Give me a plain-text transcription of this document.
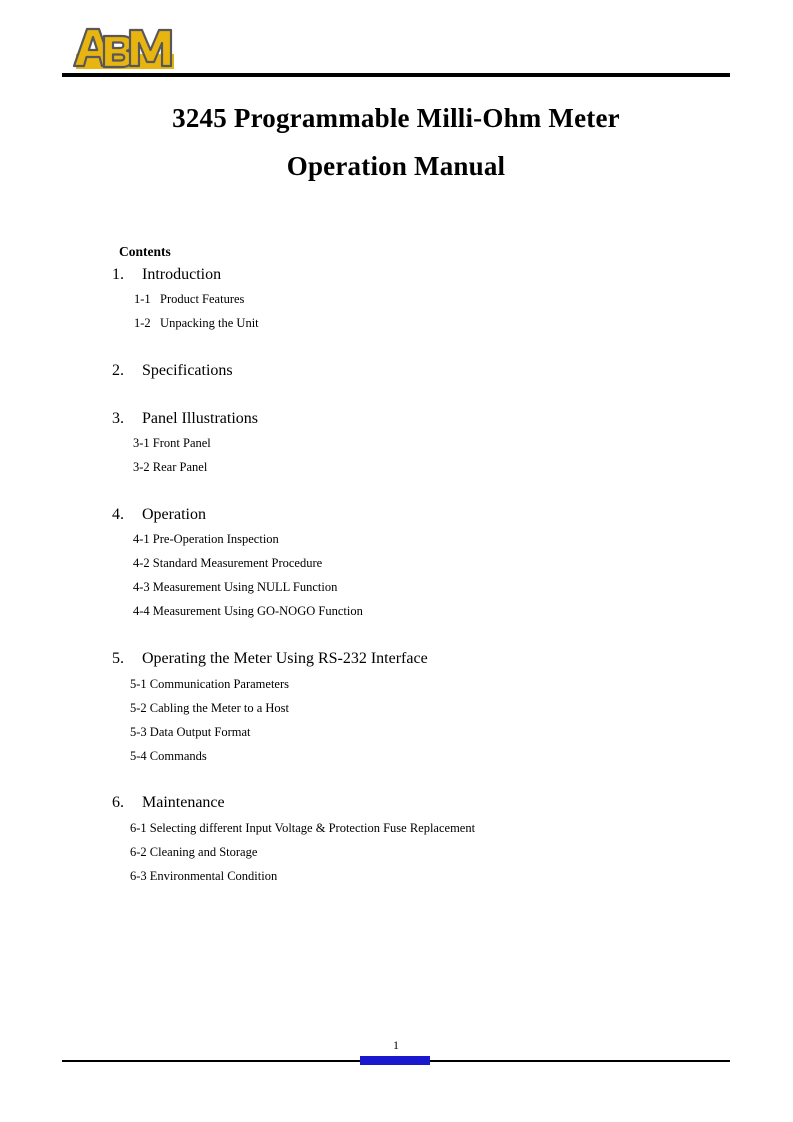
3245 Programmable Milli-Ohm Meter
Operation Manual
Contents
1. Introduction
1-1 Product Features
1-2 Unpacking the Unit
2. Specifications
3. Panel Illustrations
3-1 Front Panel
3-2 Rear Panel
4. Operation
4-1 Pre-Operation Inspection
4-2 Standard Measurement Procedure
4-3 Measurement Using NULL Function
4-4 Measurement Using GO-NOGO Function
5. Operating the Meter Using RS-232 Interface
5-1 Communication Parameters
5-2 Cabling the Meter to a Host
5-3 Data Output Format
5-4 Commands
6. Maintenance
6-1 Selecting different Input Voltage & Protection Fuse Replacement
6-2 Cleaning and Storage
6-3 Environmental Condition
1
